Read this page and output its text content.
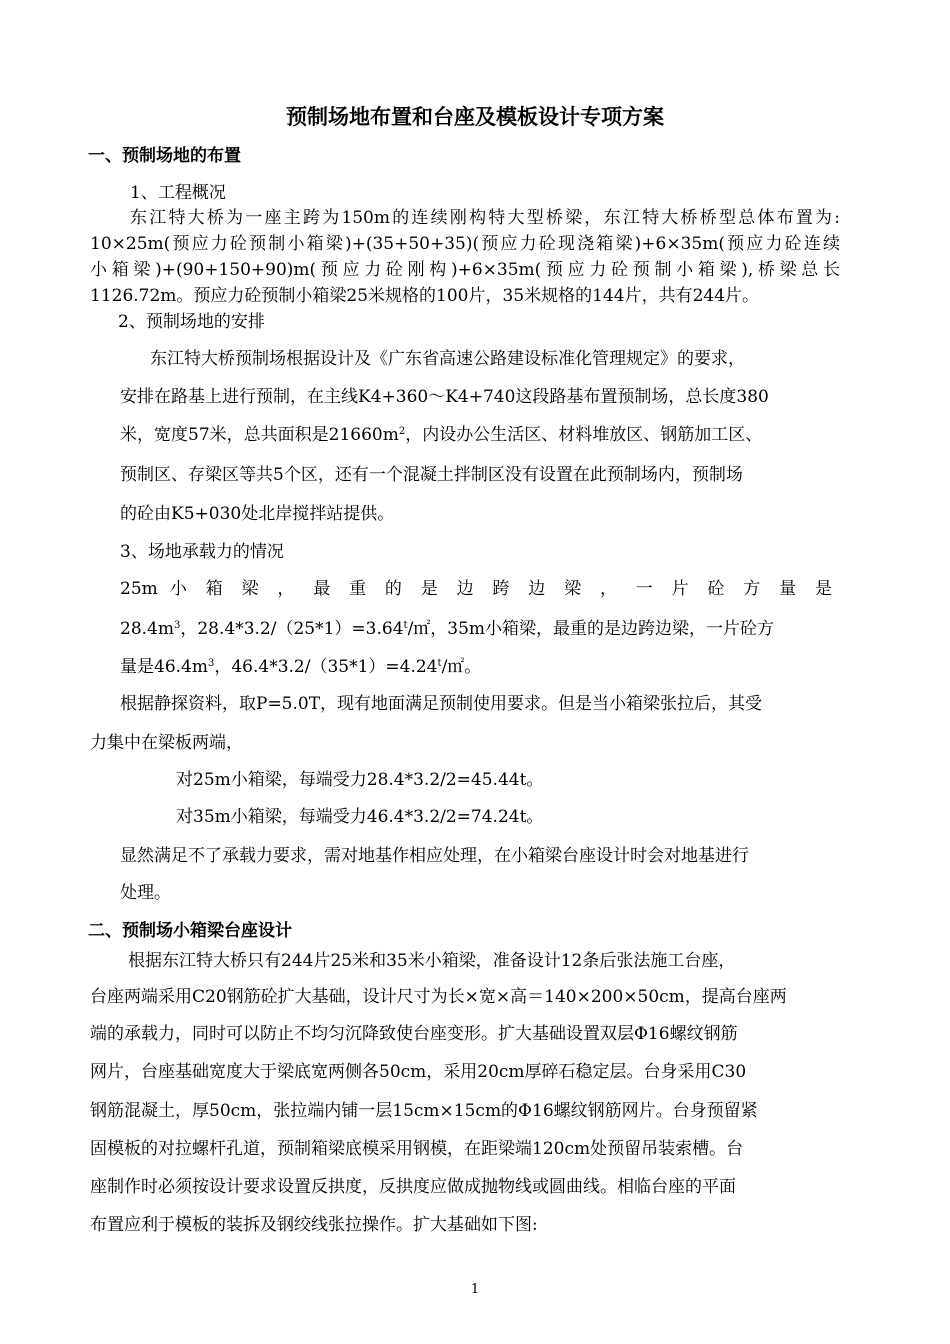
预制场地布置和台座及模板设计专项方案
一、预制场地的布置
1、工程概况
东江特大桥为一座主跨为150m的连续刚构特大型桥梁，东江特大桥桥型总体布置为:
10×25m(预应力砼预制小箱梁)+(35+50+35)(预应力砼现浇箱梁)+6×35m(预应力砼连续
小箱梁)+(90+150+90)m(预应力砼刚构)+6×35m(预应力砼预制小箱梁),桥梁总长
1126.72m。预应力砼预制小箱梁25米规格的100片，35米规格的144片，共有244片。
2、预制场地的安排
东江特大桥预制场根据设计及《广东省高速公路建设标准化管理规定》的要求，
安排在路基上进行预制，在主线K4+360～K4+740这段路基布置预制场，总长度380
米，宽度57米，总共面积是$21660m^2$，内设办公生活区、材料堆放区、钢筋加工区、
预制区、存梁区等共5个区，还有一个混凝土拌制区没有设置在此预制场内，预制场
的砼由K5+030处北岸搅拌站提供。
3、场地承载力的情况
25m 小 箱 梁 ， 最 重 的 是 边 跨 边 梁 ， 一 片 砼 方 量 是
$28.4m^3$，$28.4*3.2/(25*1)=3.64^t/㎡$，35m小箱梁，最重的是边跨边梁，一片砼方
量是$46.4m^3$，$46.4*3.2/(35*1)=4.24^t/㎡$。
根据静探资料，取P=5.0T，现有地面满足预制使用要求。但是当小箱梁张拉后，其受
力集中在梁板两端，
对25m小箱梁，每端受力28.4*3.2/2=45.44t。
对35m小箱梁，每端受力46.4*3.2/2=74.24t。
显然满足不了承载力要求，需对地基作相应处理，在小箱梁台座设计时会对地基进行
处理。
二、预制场小箱梁台座设计
根据东江特大桥只有244片25米和35米小箱梁，准备设计12条后张法施工台座，
台座两端采用C20钢筋砼扩大基础，设计尺寸为长×宽×高＝140×200×50cm，提高台座两
端的承载力，同时可以防止不均匀沉降致使台座变形。扩大基础设置双层Φ16螺纹钢筋
网片，台座基础宽度大于梁底宽两侧各50cm，采用20cm厚碎石稳定层。台身采用C30
钢筋混凝土，厚50cm，张拉端内铺一层15cm×15cm的Φ16螺纹钢筋网片。台身预留紧
固模板的对拉螺杆孔道，预制箱梁底模采用钢模，在距梁端120cm处预留吊装索槽。台
座制作时必须按设计要求设置反拱度，反拱度应做成抛物线或圆曲线。相临台座的平面
布置应利于模板的装拆及钢绞线张拉操作。扩大基础如下图:
1
